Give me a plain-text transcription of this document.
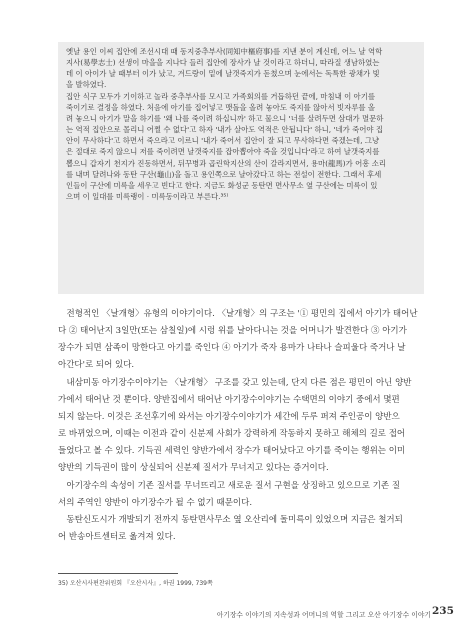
옛날 용인 이씨 집안에 조선시대 때 동지중추부사(同知中樞府事)를 지낸 분이 계신데, 어느 날 역학
지사(易學志士) 선생이 마을을 지나다 들러 집안에 장사가 날 것이라고 하더니, 따라질 생남하였는
데 이 아이가 날 때부터 이가 났고, 겨드랑이 밑에 날갯죽지가 돋쳤으며 눈에서는 독특한 광채가 빛
을 발하였다.
집안 식구 모두가 기이하고 놀라 중추부사를 모시고 가족회의를 거듭하던 끝에, 마침내 이 아기를
죽이기로 결정을 하였다. 처음에 아기를 집어넣고 맷돌을 올려 놓아도 죽지를 않아서 빗자루를 올
려 놓으니 아기가 말을 하기를 '왜 나를 죽이려 하십니까' 하고 물으니 '너를 살려두면 삼대가 멸문하
는 역적 집안으로 몰리니 어쩔 수 없다'고 하자 '내가 살아도 역적은 안됩니다' 하니, '네가 죽어야 집
안이 무사하다'고 하면서 죽으라고 이르니 '내가 죽어서 집안이 잘 되고 무사하다면 죽겠는데, 그냥
은 절대로 죽지 않으니 저를 죽이려면 날갯죽지를 잡아뽑아야 죽을 것입니다'라고 하여 날갯죽지를
뽑으니 갑자기 천지가 진동하면서, 뒤꾸병과 곱린학지산의 산이 갈라지면서, 용마(龍馬)가 어흥 소리
를 내며 달려나와 동탄 구산(龜山)을 돌고 용인쪽으로 날아갔다고 하는 전설이 전한다. 그래서 후세
인들이 구산에 미륵을 세우고 빈다고 한다. 지금도 화성군 동탄면 면사무소 옆 구산에는 미륵이 있
으며 이 일대를 미륵랭이 · 미륵동이라고 부른다.³⁵⁾
　전형적인 〈날개형〉유형의 이야기이다. 〈날개형〉의 구조는 '① 평민의 집에서 아기가 태어난
다 ② 태어난지 3일만(또는 삼칠일)에 시렁 위를 날아다니는 것을 어머니가 발견한다 ③ 아기가
장수가 되면 삼족이 망한다고 아기를 죽인다 ④ 아기가 죽자 용마가 나타나 슬피울다 죽거나 날
아간다'로 되어 있다.
　내삼미동 아기장수이야기는 〈날개형〉 구조를 갖고 있는데, 단지 다른 점은 평민이 아닌 양반
가에서 태어난 것 뿐이다. 양반집에서 태어난 아기장수이야기는 수택면의 이야기 중에서 몇편
되지 않는다. 이것은 조선후기에 와서는 아기장수이야기가 세간에 두루 퍼져 주인공이 양반으
로 바뀌었으며, 이때는 이전과 같이 신분제 사회가 강력하게 작동하지 못하고 해체의 길로 접어
들었다고 볼 수 있다. 기득권 세력인 양반가에서 장수가 태어났다고 아기를 죽이는 행위는 이미
양반의 기득권이 많이 상실되어 신분제 질서가 무너지고 있다는 증거이다.
　아기장수의 속성이 기존 질서를 무너뜨리고 새로운 질서 구현을 상징하고 있으므로 기존 질
서의 주역인 양반이 아기장수가 될 수 없기 때문이다.
　동탄신도시가 개발되기 전까지 동탄면사무소 옆 오산리에 돌미륵이 있었으며 지금은 철거되
어 반송아트센터로 옮겨져 있다.
35) 오산시사편찬위원회 『오산시사』, 하권 1999, 739쪽
아기장수 이야기의 지속성과 어머니의 역할 그리고 오산 아기장수 이야기 235
